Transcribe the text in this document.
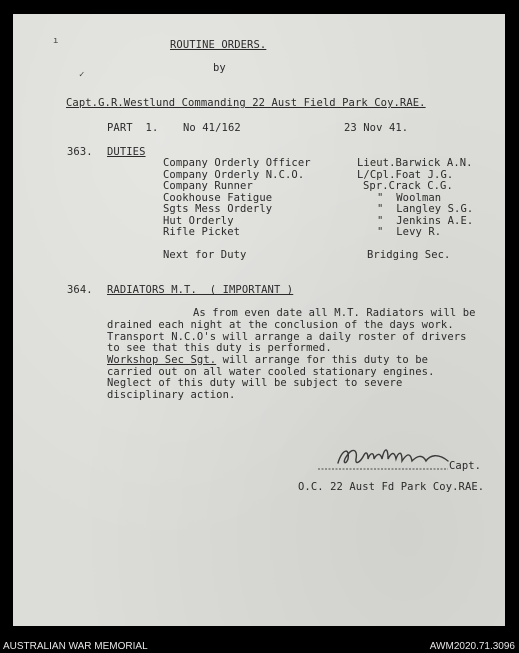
ı
✓
ROUTINE ORDERS.
by
Capt.G.R.Westlund Commanding 22 Aust Field Park Coy.RAE.
PART  1. No 41/162	23 Nov 41.
363. DUTIES
Company Orderly Officer	Lieut.Barwick A.N.
Company Orderly N.C.O.	L/Cpl.Foat J.G.
Company Runner	Spr.Crack C.G.
Cookhouse Fatigue	"  Woolman
Sgts Mess Orderly	"  Langley S.G.
Hut Orderly	"  Jenkins A.E.
Rifle Picket	"  Levy R.
Next for Duty	Bridging Sec.
364. RADIATORS M.T.  ( IMPORTANT )
As from even date all M.T. Radiators will be
drained each night at the conclusion of the days work.
Transport N.C.O's will arrange a daily roster of drivers
to see that this duty is performed.
Workshop Sec Sgt. will arrange for this duty to be
carried out on all water cooled stationary engines.
Neglect of this duty will be subject to severe
disciplinary action.
Capt.
O.C. 22 Aust Fd Park Coy.RAE.
AUSTRALIAN WAR MEMORIAL	AWM2020.71.3096
